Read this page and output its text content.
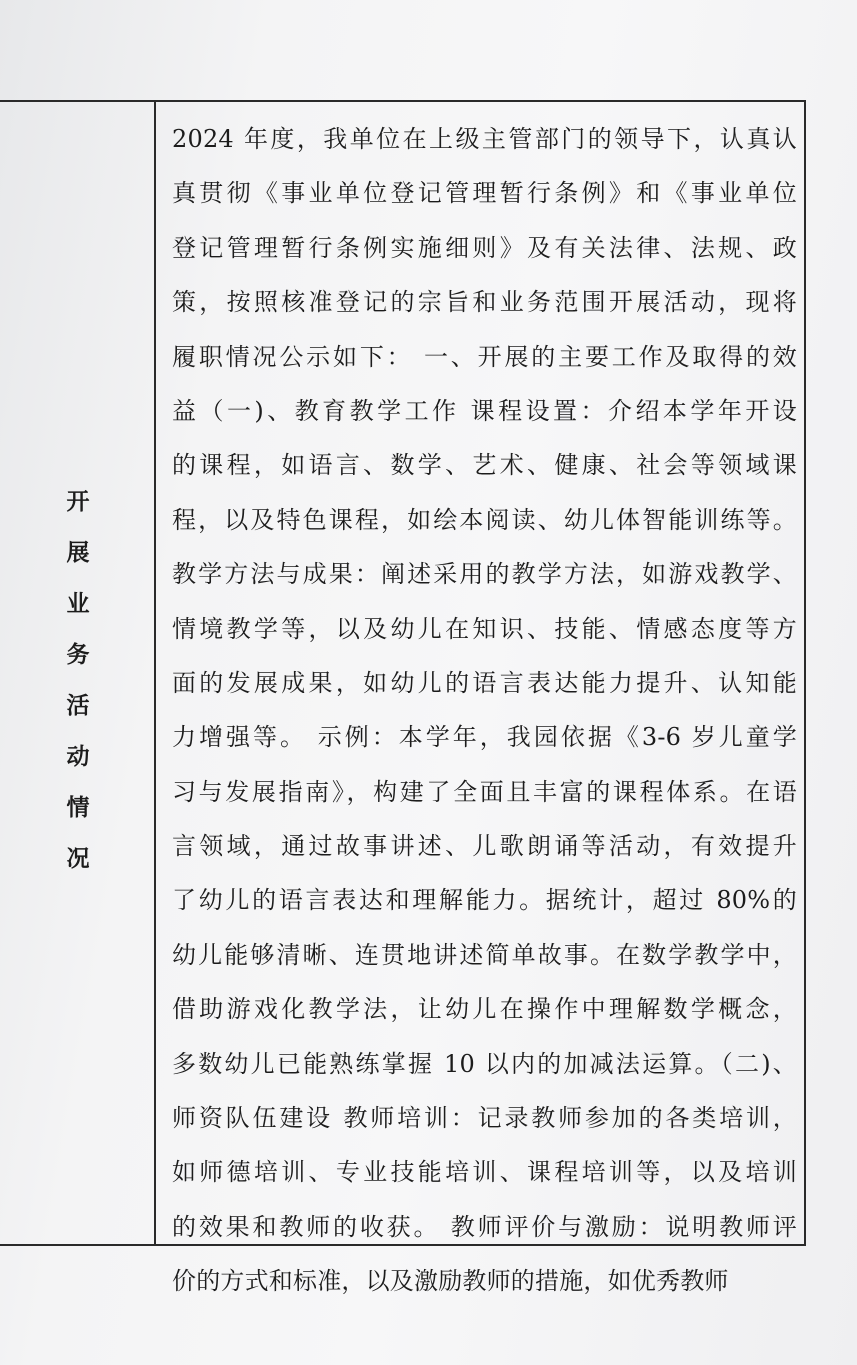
开
展
业
务
活
动
情
况
2024 年度，我单位在上级主管部门的领导下，认真认
真贯彻《事业单位登记管理暂行条例》和《事业单位
登记管理暂行条例实施细则》及有关法律、法规、政
策，按照核准登记的宗旨和业务范围开展活动，现将
履职情况公示如下： 一、开展的主要工作及取得的效
益（一)、教育教学工作 课程设置：介绍本学年开设
的课程，如语言、数学、艺术、健康、社会等领域课
程，以及特色课程，如绘本阅读、幼儿体智能训练等。
教学方法与成果：阐述采用的教学方法，如游戏教学、
情境教学等，以及幼儿在知识、技能、情感态度等方
面的发展成果，如幼儿的语言表达能力提升、认知能
力增强等。 示例：本学年，我园依据《3-6 岁儿童学
习与发展指南》，构建了全面且丰富的课程体系。在语
言领域，通过故事讲述、儿歌朗诵等活动，有效提升
了幼儿的语言表达和理解能力。据统计，超过 80%的
幼儿能够清晰、连贯地讲述简单故事。在数学教学中，
借助游戏化教学法，让幼儿在操作中理解数学概念，
多数幼儿已能熟练掌握 10 以内的加减法运算。（二)、
师资队伍建设 教师培训：记录教师参加的各类培训，
如师德培训、专业技能培训、课程培训等，以及培训
的效果和教师的收获。 教师评价与激励：说明教师评
价的方式和标准，以及激励教师的措施，如优秀教师
